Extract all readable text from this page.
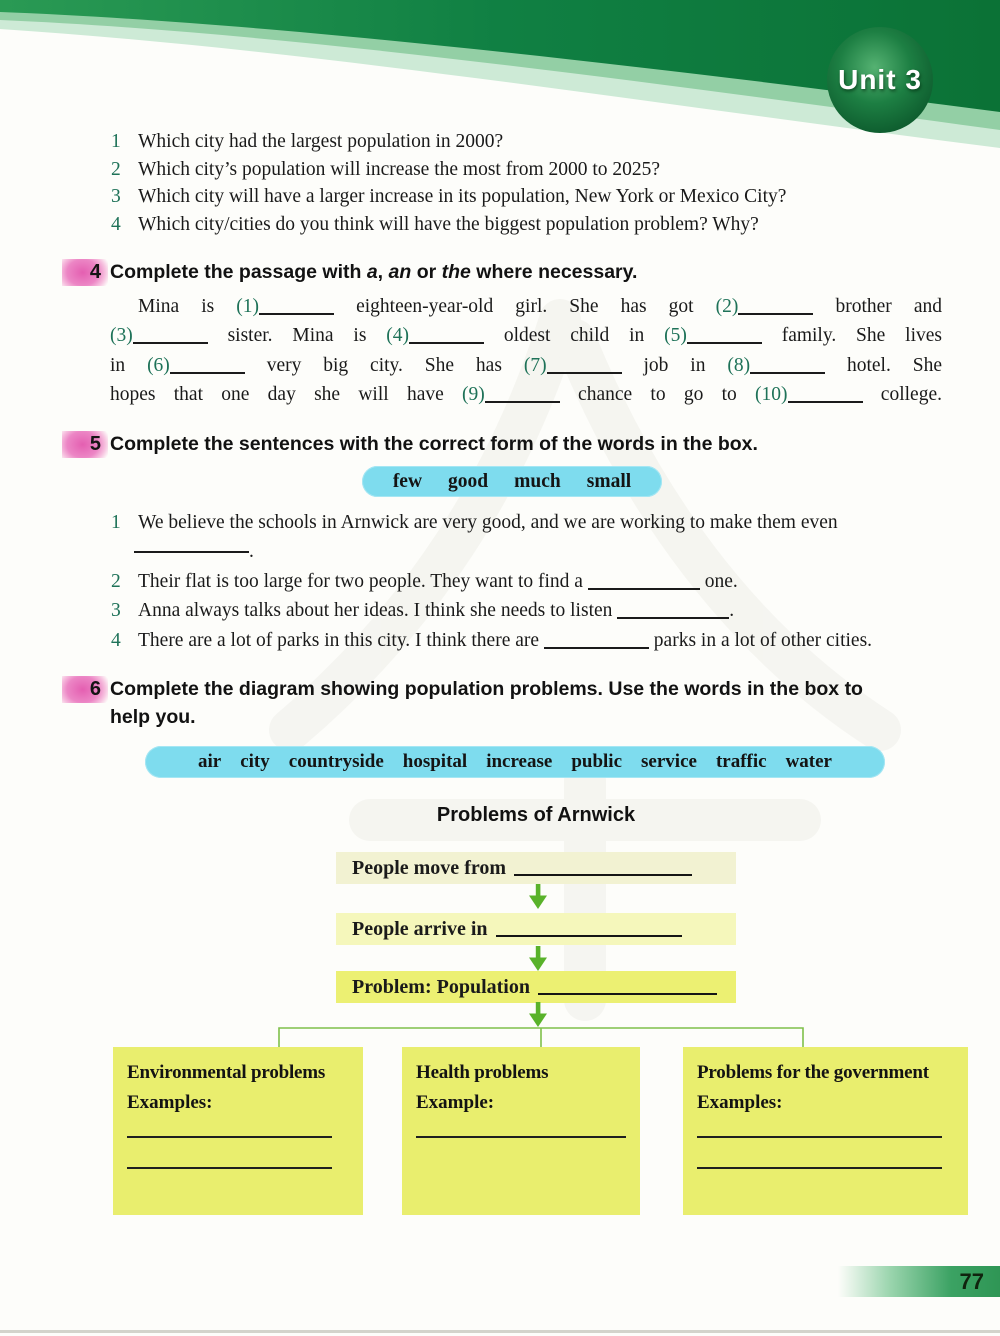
Unit 3
1 Which city had the largest population in 2000?
2 Which city’s population will increase the most from 2000 to 2025?
3 Which city will have a larger increase in its population, New York or Mexico City?
4 Which city/cities do you think will have the biggest population problem? Why?
4 Complete the passage with a, an or the where necessary.
Mina is (1)	eighteen-year-old girl. She has got (2)	brother and
(3)	sister. Mina is (4)	oldest child in (5)	family. She lives
in (6)	very big city. She has (7)	job in (8)	hotel. She
hopes that one day she will have (9)	chance to go to (10)	college.
5 Complete the sentences with the correct form of the words in the box.
few good much small
1 We believe the schools in Arnwick are very good, and we are working to make them even
.
2 Their flat is too large for two people. They want to find a	one.
3 Anna always talks about her ideas. I think she needs to listen	.
4 There are a lot of parks in this city. I think there are	parks in a lot of other cities.
6 Complete the diagram showing population problems. Use the words in the box to help you.
air city countryside hospital increase public service traffic water
Problems of Arnwick
People move from
People arrive in
Problem: Population
Environmental problems
Examples:
Health problems
Example:
Problems for the government
Examples:
77
